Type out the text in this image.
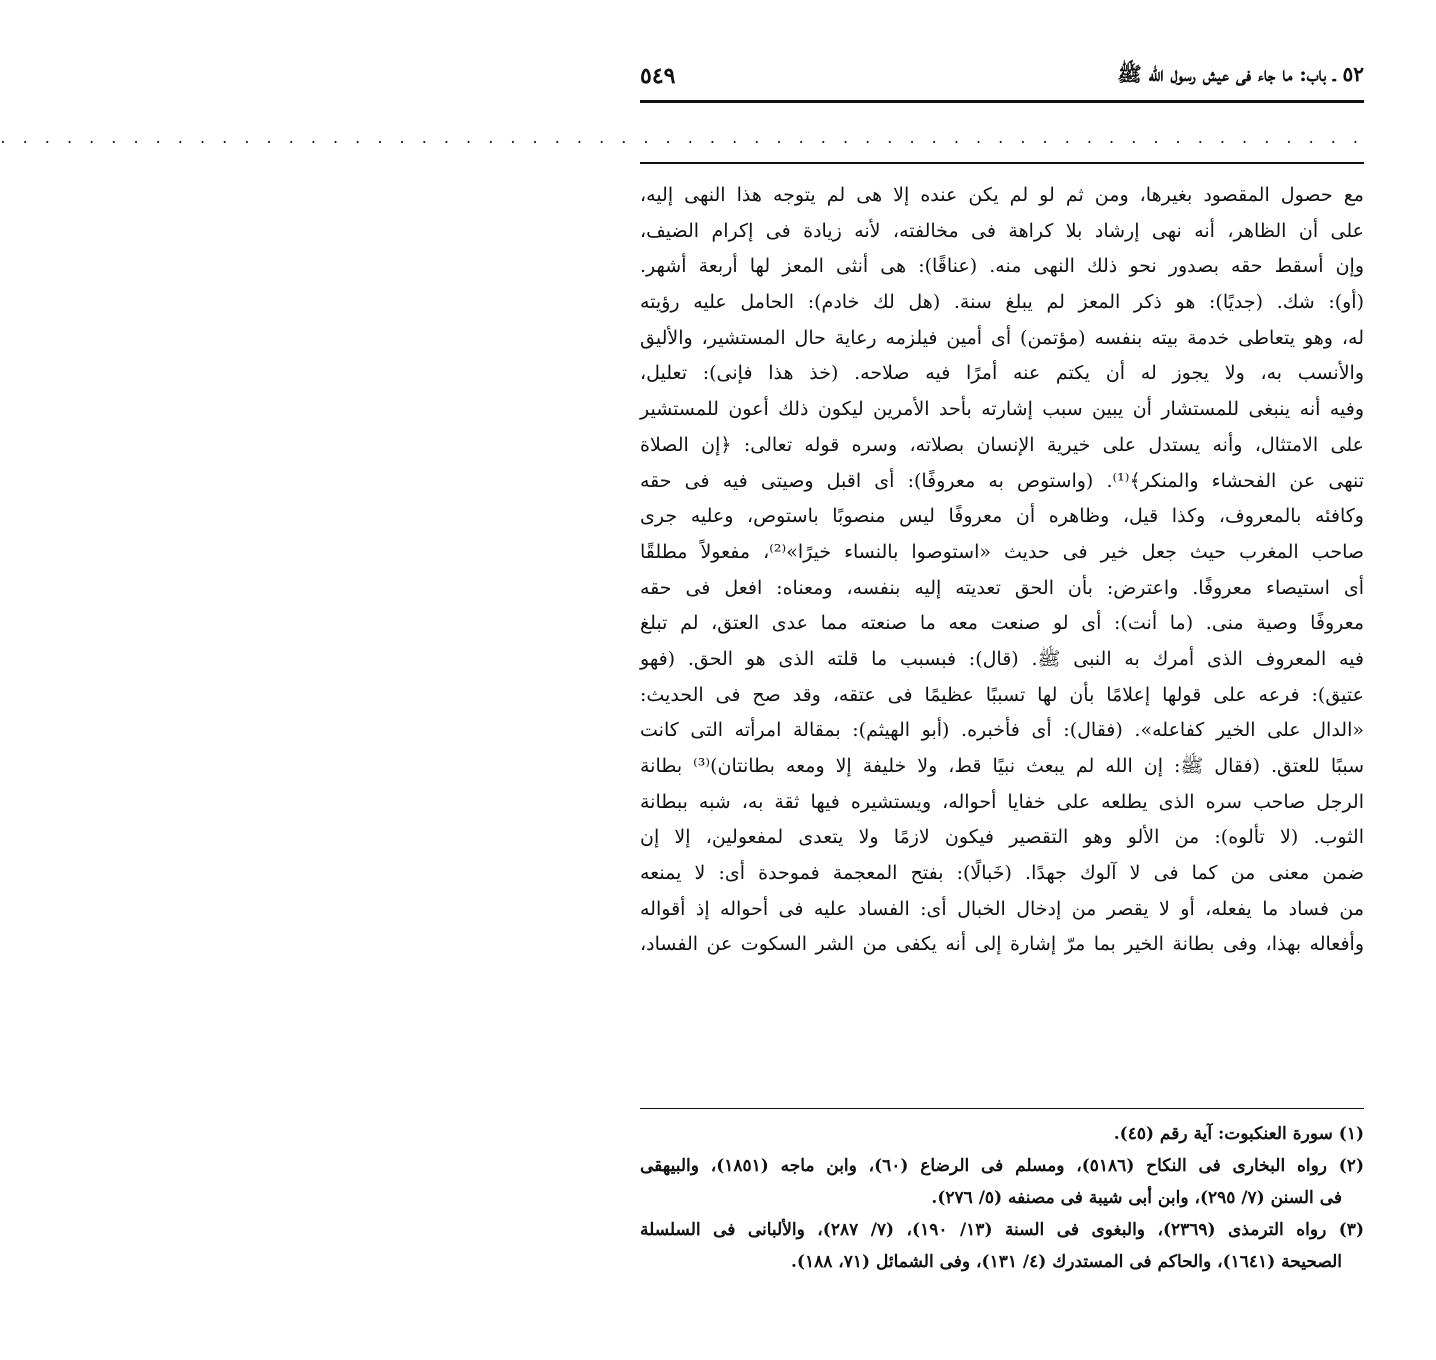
٥٢ ـ باب: ما جاء فى عيش رسول الله ﷺ
٥٤٩
. . . . . . . . . . . . . . . . . . . . . . . . . . . . . . . . . . . . . . . . . . . . . . . . . . . . . . . . . . . . . .
مع حصول المقصود بغيرها، ومن ثم لو لم يكن عنده إلا هى لم يتوجه هذا النهى إليه،
على أن الظاهر، أنه نهى إرشاد بلا كراهة فى مخالفته، لأنه زيادة فى إكرام الضيف،
وإن أسقط حقه بصدور نحو ذلك النهى منه. (عناقًا): هى أنثى المعز لها أربعة أشهر.
(أو): شك. (جديًا): هو ذكر المعز لم يبلغ سنة. (هل لك خادم): الحامل عليه رؤيته
له، وهو يتعاطى خدمة بيته بنفسه (مؤتمن) أى أمين فيلزمه رعاية حال المستشير، والأليق
والأنسب به، ولا يجوز له أن يكتم عنه أمرًا فيه صلاحه. (خذ هذا فإنى): تعليل،
وفيه أنه ينبغى للمستشار أن يبين سبب إشارته بأحد الأمرين ليكون ذلك أعون للمستشير
على الامتثال، وأنه يستدل على خيرية الإنسان بصلاته، وسره قوله تعالى: ﴿إن الصلاة
تنهى عن الفحشاء والمنكر﴾⁽¹⁾. (واستوص به معروفًا): أى اقبل وصيتى فيه فى حقه
وكافئه بالمعروف، وكذا قيل، وظاهره أن معروفًا ليس منصوبًا باستوص، وعليه جرى
صاحب المغرب حيث جعل خير فى حديث «استوصوا بالنساء خيرًا»⁽²⁾، مفعولاً مطلقًا
أى استيصاء معروفًا. واعترض: بأن الحق تعديته إليه بنفسه، ومعناه: افعل فى حقه
معروفًا وصية منى. (ما أنت): أى لو صنعت معه ما صنعته مما عدى العتق، لم تبلغ
فيه المعروف الذى أمرك به النبى ﷺ. (قال): فبسبب ما قلته الذى هو الحق. (فهو
عتيق): فرعه على قولها إعلامًا بأن لها تسببًا عظيمًا فى عتقه، وقد صح فى الحديث:
«الدال على الخير كفاعله». (فقال): أى فأخبره. (أبو الهيثم): بمقالة امرأته التى كانت
سببًا للعتق. (فقال ﷺ: إن الله لم يبعث نبيًا قط، ولا خليفة إلا ومعه بطانتان)⁽³⁾ بطانة
الرجل صاحب سره الذى يطلعه على خفايا أحواله، ويستشيره فيها ثقة به، شبه ببطانة
الثوب. (لا تألوه): من الألو وهو التقصير فيكون لازمًا ولا يتعدى لمفعولين، إلا إن
ضمن معنى من كما فى لا آلوك جهدًا. (خَبالًا): بفتح المعجمة فموحدة أى: لا يمنعه
من فساد ما يفعله، أو لا يقصر من إدخال الخبال أى: الفساد عليه فى أحواله إذ أقواله
وأفعاله بهذا، وفى بطانة الخير بما مرّ إشارة إلى أنه يكفى من الشر السكوت عن الفساد،
(١) سورة العنكبوت: آية رقم (٤٥).
(٢) رواه البخارى فى النكاح (٥١٨٦)، ومسلم فى الرضاع (٦٠)، وابن ماجه (١٨٥١)، والبيهقى
فى السنن (٧/ ٢٩٥)، وابن أبى شيبة فى مصنفه (٥/ ٢٧٦).
(٣) رواه الترمذى (٢٣٦٩)، والبغوى فى السنة (١٣/ ١٩٠)، (٧/ ٢٨٧)، والألبانى فى السلسلة
الصحيحة (١٦٤١)، والحاكم فى المستدرك (٤/ ١٣١)، وفى الشمائل (٧١، ١٨٨).
